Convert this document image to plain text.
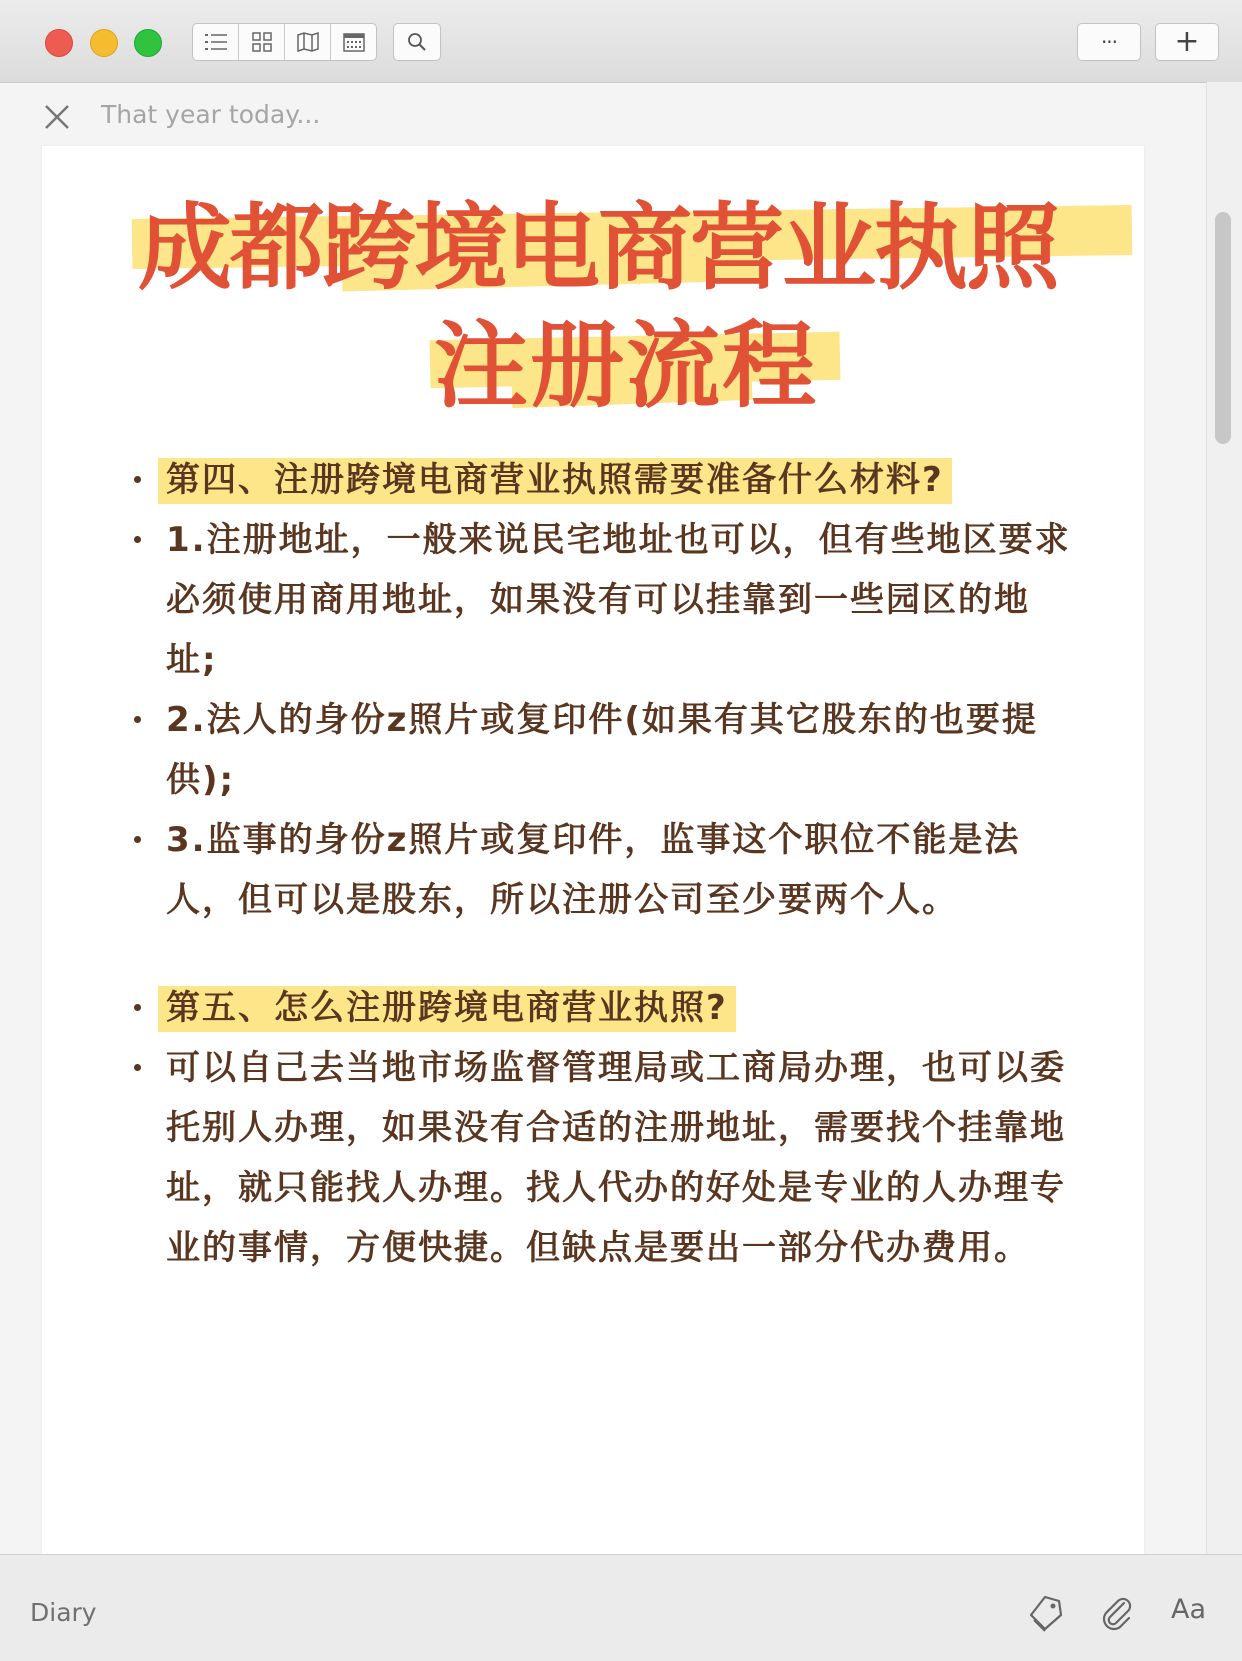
··· +
That year today...
成都跨境电商营业执照
注册流程
第四、注册跨境电商营业执照需要准备什么材料?
1.注册地址，一般来说民宅地址也可以，但有些地区要求
必须使用商用地址，如果没有可以挂靠到一些园区的地
址;
2.法人的身份z照片或复印件(如果有其它股东的也要提
供);
3.监事的身份z照片或复印件，监事这个职位不能是法
人，但可以是股东，所以注册公司至少要两个人。
第五、怎么注册跨境电商营业执照?
可以自己去当地市场监督管理局或工商局办理，也可以委
托别人办理，如果没有合适的注册地址，需要找个挂靠地
址，就只能找人办理。找人代办的好处是专业的人办理专
业的事情，方便快捷。但缺点是要出一部分代办费用。
Diary	Aa
